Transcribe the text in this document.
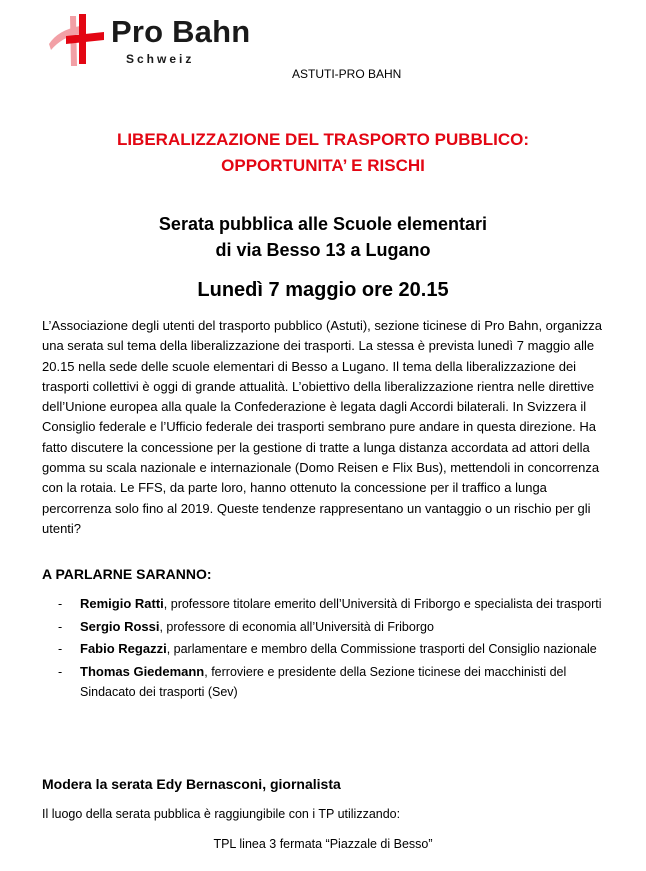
Pro Bahn
Schweiz
ASTUTI-PRO BAHN
LIBERALIZZAZIONE DEL TRASPORTO PUBBLICO:
OPPORTUNITA’ E RISCHI
Serata pubblica alle Scuole elementari
di via Besso 13 a Lugano
Lunedì 7 maggio ore 20.15
L’Associazione degli utenti del trasporto pubblico (Astuti), sezione ticinese di Pro Bahn, organizza una serata sul tema della liberalizzazione dei trasporti. La stessa è prevista lunedì 7 maggio alle 20.15 nella sede delle scuole elementari di Besso a Lugano. Il tema della liberalizzazione dei trasporti collettivi è oggi di grande attualità. L’obiettivo della liberalizzazione rientra nelle direttive dell’Unione europea alla quale la Confederazione è legata dagli Accordi bilaterali. In Svizzera il Consiglio federale e l’Ufficio federale dei trasporti sembrano pure andare in questa direzione. Ha fatto discutere la concessione per la gestione di tratte a lunga distanza accordata ad attori della gomma su scala nazionale e internazionale (Domo Reisen e Flix Bus), mettendoli in concorrenza con la rotaia. Le FFS, da parte loro, hanno ottenuto la concessione per il traffico a lunga percorrenza solo fino al 2019. Queste tendenze rappresentano un vantaggio o un rischio per gli utenti?
A PARLARNE SARANNO:
- Remigio Ratti, professore titolare emerito dell’Università di Friborgo e specialista dei trasporti
- Sergio Rossi, professore di economia all’Università di Friborgo
- Fabio Regazzi, parlamentare e membro della Commissione trasporti del Consiglio nazionale
- Thomas Giedemann, ferroviere e presidente della Sezione ticinese dei macchinisti del Sindacato dei trasporti (Sev)
Modera la serata Edy Bernasconi, giornalista
Il luogo della serata pubblica è raggiungibile con i TP utilizzando:
TPL linea 3 fermata “Piazzale di Besso”
